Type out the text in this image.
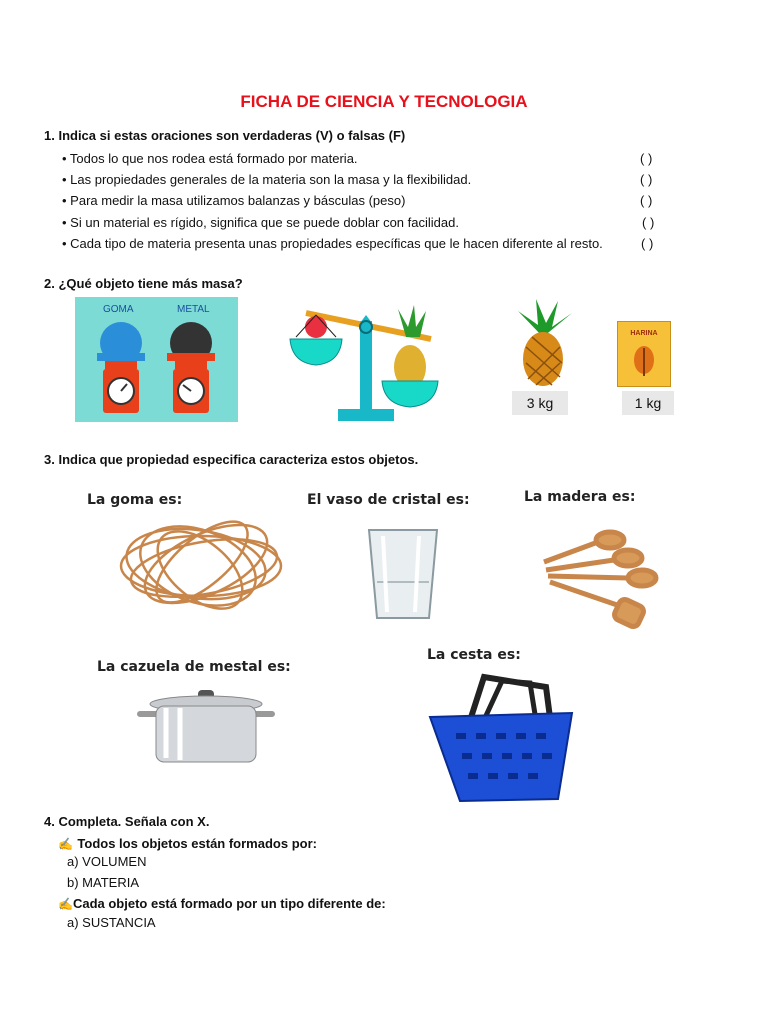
FICHA DE CIENCIA Y TECNOLOGIA
1. Indica si estas oraciones son verdaderas (V) o falsas (F)
• Todos lo que nos rodea está formado por materia.	( )
• Las propiedades generales de la materia son la masa y la flexibilidad.	( )
• Para medir la masa utilizamos balanzas y básculas (peso)	( )
• Si un material es rígido, significa que se puede doblar con facilidad.	( )
• Cada tipo de materia presenta unas propiedades específicas que le hacen diferente al resto.	( )
2. ¿Qué objeto tiene más masa?
GOMA	METAL
3 kg
HARINA
1 kg
3. Indica que propiedad especifica caracteriza estos objetos.
La goma es:	El vaso de cristal es:	La madera es:
La cazuela de mestal es:
La cesta es:
4. Completa. Señala con X.
✍ Todos los objetos están formados por:
a) VOLUMEN
b) MATERIA
✍Cada objeto está formado por un tipo diferente de:
a) SUSTANCIA
